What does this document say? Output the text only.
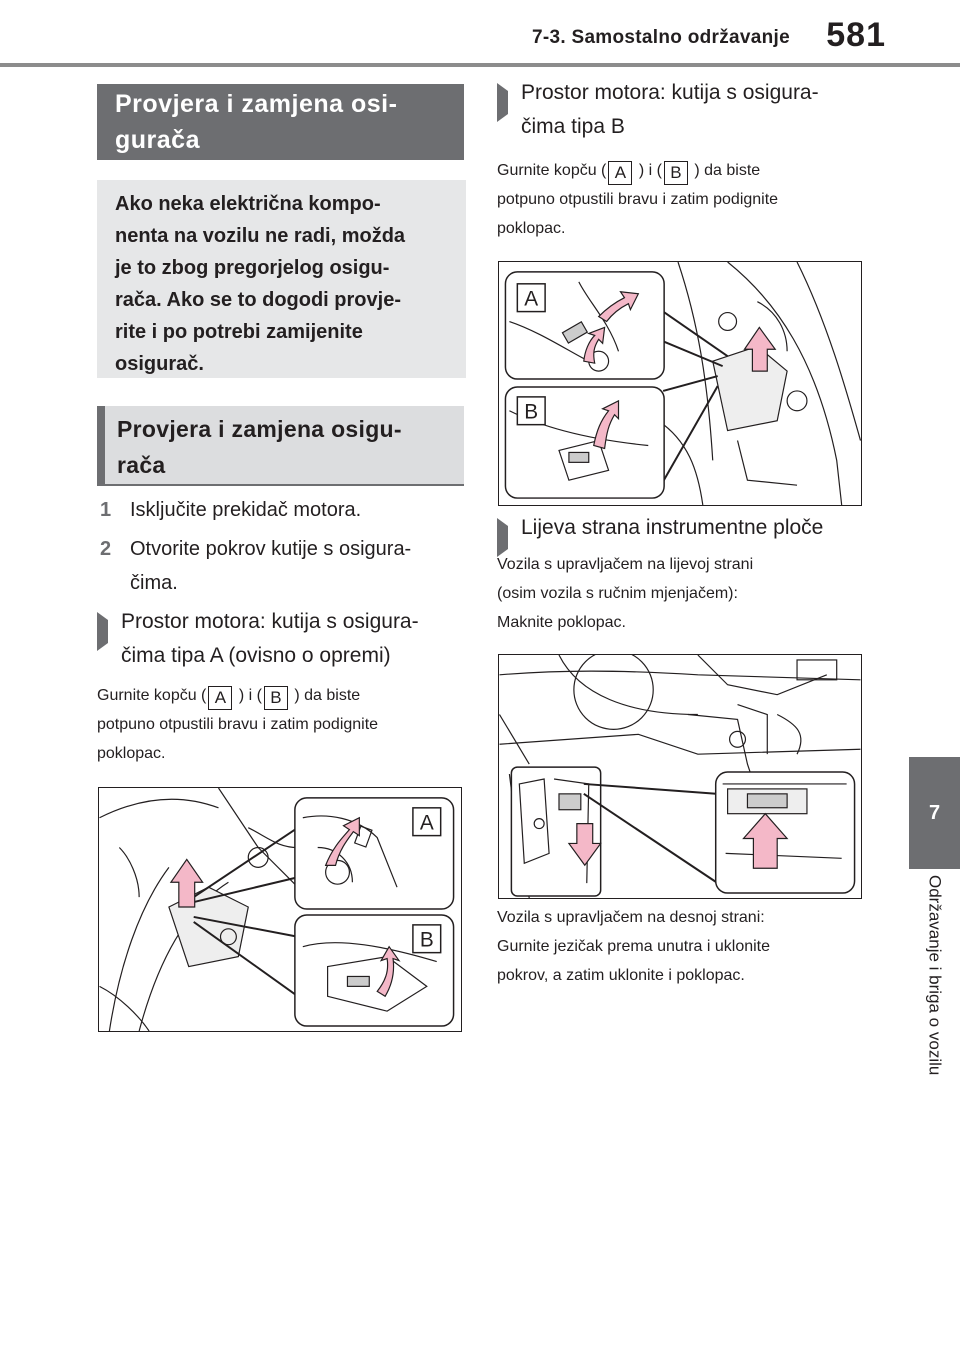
7-3. Samostalno održavanje 581
7
Održavanje i briga o vozilu
Provjera i zamjena osi-
gurača
Ako neka električna kompo-
nenta na vozilu ne radi, možda
je to zbog pregorjelog osigu-
rača. Ako se to dogodi provje-
rite i po potrebi zamijenite
osigurač.
Provjera i zamjena osigu-
rača
1 Isključite prekidač motora.
2 Otvorite pokrov kutije s osigura-
čima.
Prostor motora: kutija s osigura-
čima tipa A (ovisno o opremi)
Gurnite kopču ( A ) i ( B ) da biste
potpuno otpustili bravu i zatim podignite
poklopac.
A
B
Prostor motora: kutija s osigura-
čima tipa B
Gurnite kopču ( A ) i ( B ) da biste
potpuno otpustili bravu i zatim podignite
poklopac.
A
B
Lijeva strana instrumentne ploče
Vozila s upravljačem na lijevoj strani
(osim vozila s ručnim mjenjačem):
Maknite poklopac.
Vozila s upravljačem na desnoj strani:
Gurnite jezičak prema unutra i uklonite
pokrov, a zatim uklonite i poklopac.
